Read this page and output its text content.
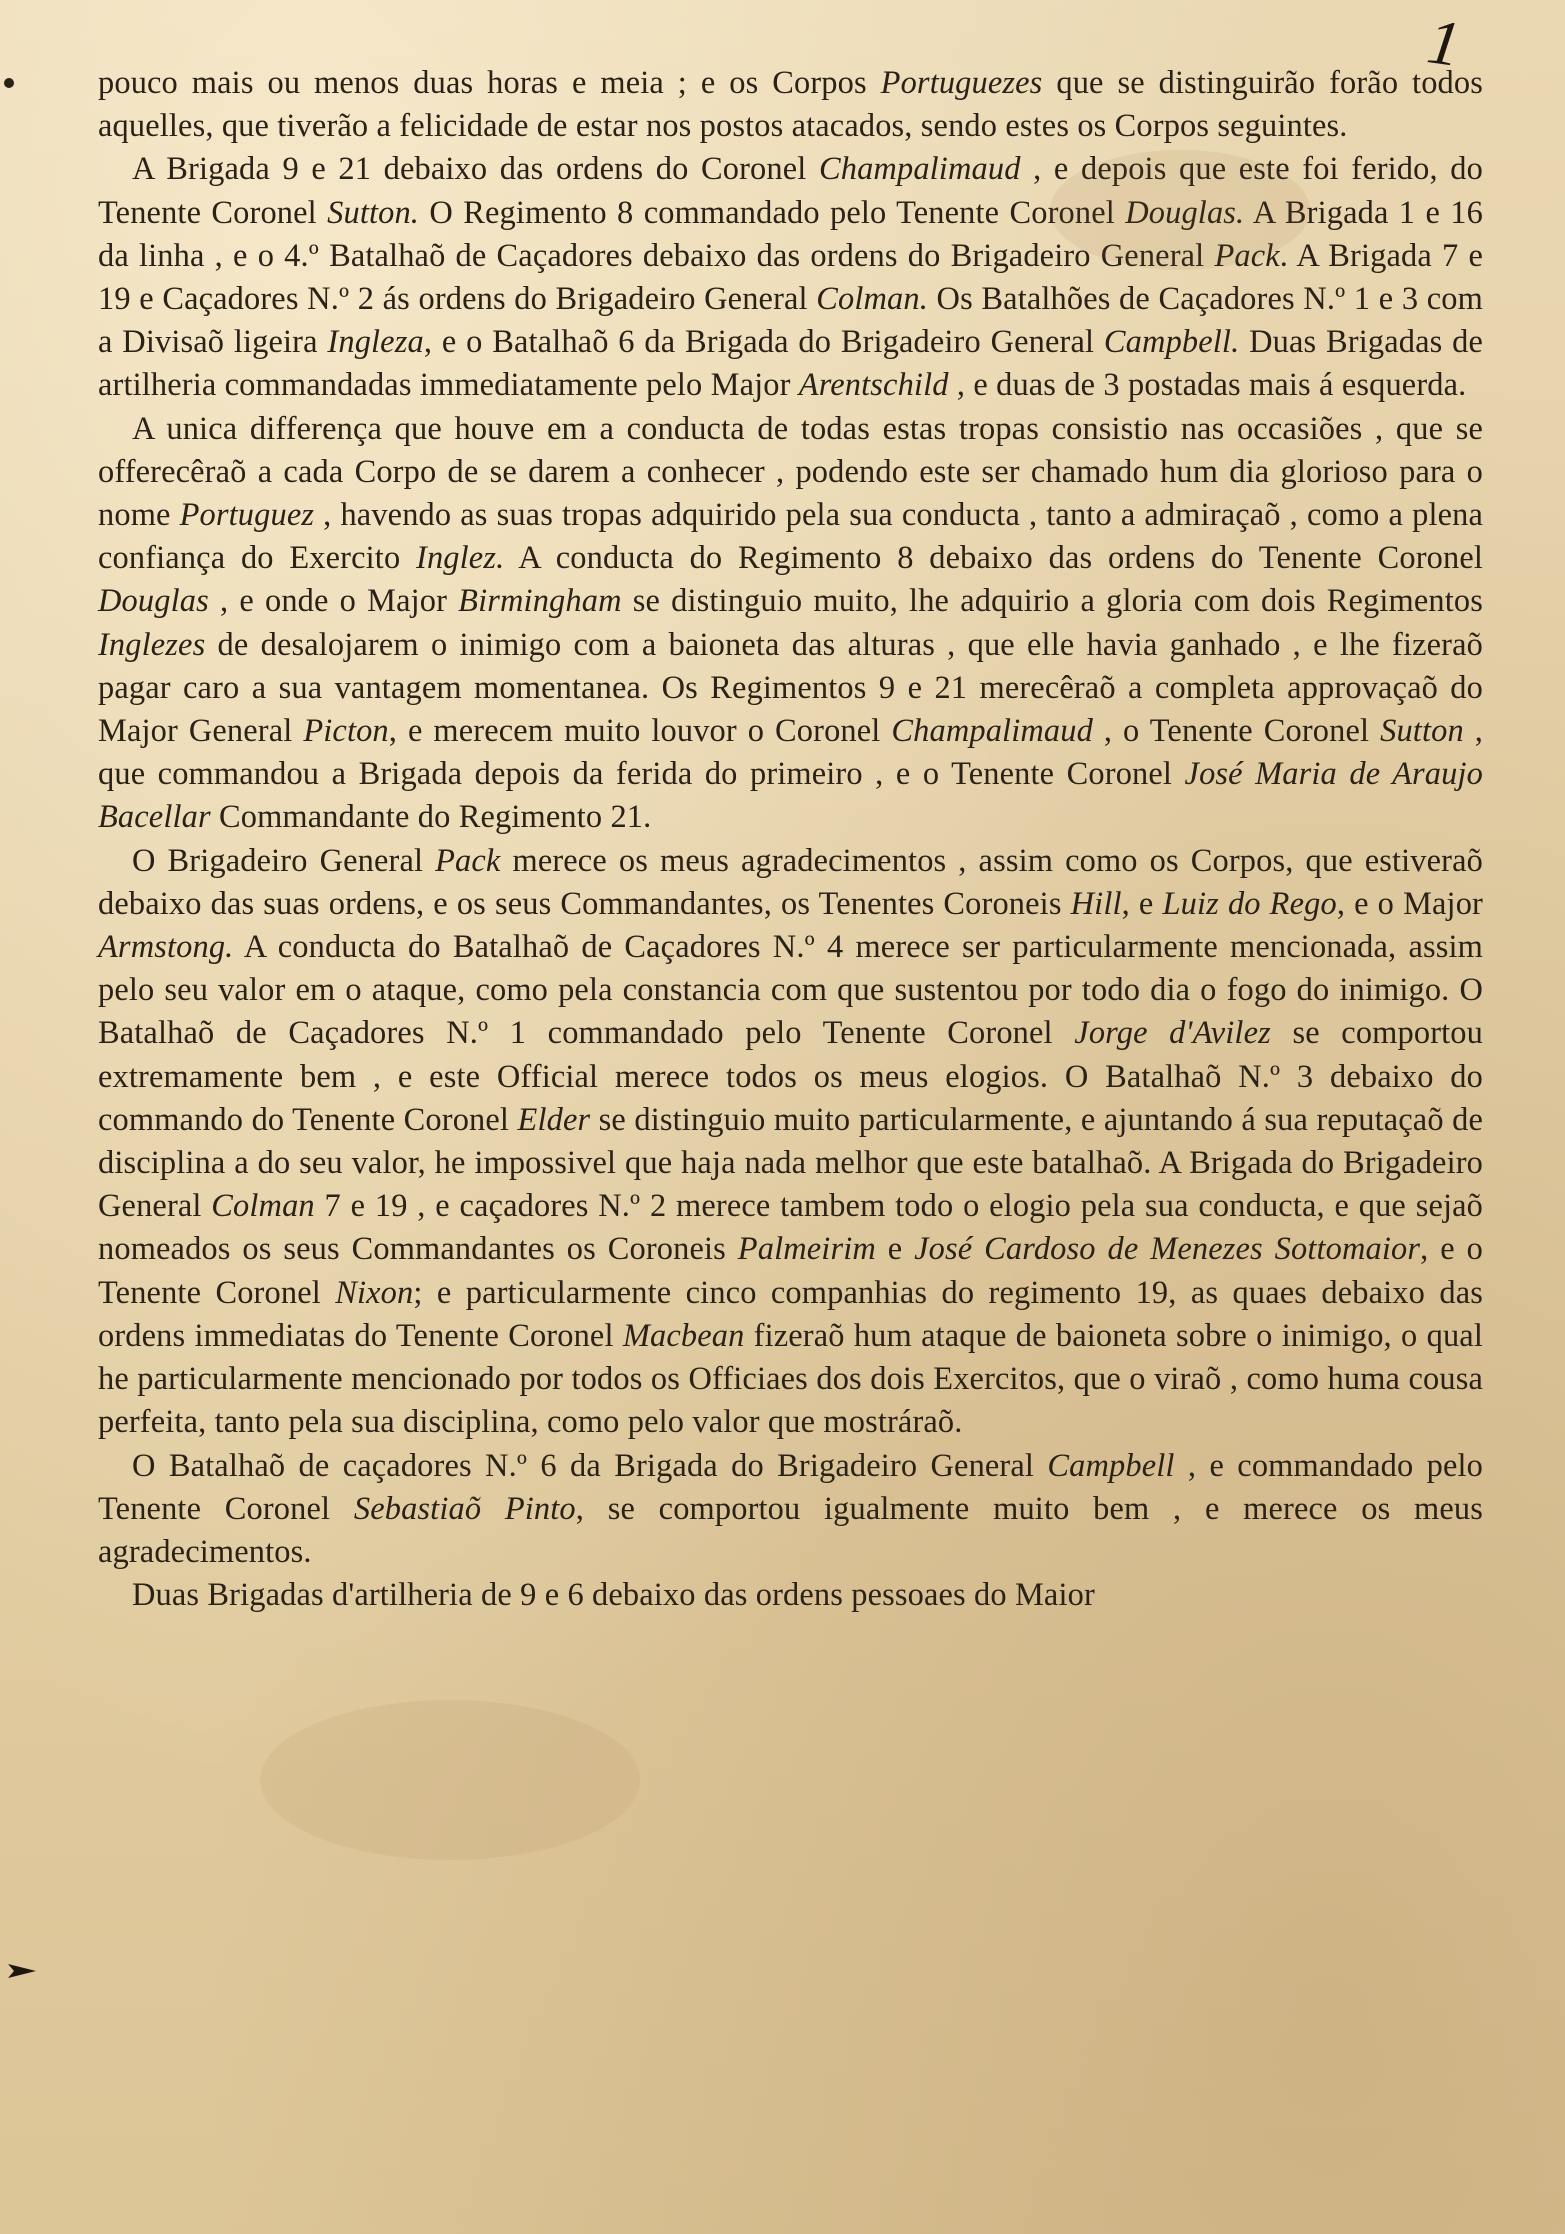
1

pouco mais ou menos duas horas e meia ; e os Corpos Portuguezes que se distinguirão forão todos aquelles, que tiverão a felicidade de estar nos postos atacados, sendo estes os Corpos seguintes.

A Brigada 9 e 21 debaixo das ordens do Coronel Champalimaud , e depois que este foi ferido, do Tenente Coronel Sutton. O Regimento 8 commandado pelo Tenente Coronel Douglas. A Brigada 1 e 16 da linha , e o 4.º Batalhaõ de Caçadores debaixo das ordens do Brigadeiro General Pack. A Brigada 7 e 19 e Caçadores N.º 2 ás ordens do Brigadeiro General Colman. Os Batalhões de Caçadores N.º 1 e 3 com a Divisaõ ligeira Ingleza, e o Batalhaõ 6 da Brigada do Brigadeiro General Campbell. Duas Brigadas de artilheria commandadas immediatamente pelo Major Arentschild , e duas de 3 postadas mais á esquerda.

A unica differença que houve em a conducta de todas estas tropas consistio nas occasiões , que se offerecêraõ a cada Corpo de se darem a conhecer , podendo este ser chamado hum dia glorioso para o nome Portuguez , havendo as suas tropas adquirido pela sua conducta , tanto a admiraçaõ , como a plena confiança do Exercito Inglez. A conducta do Regimento 8 debaixo das ordens do Tenente Coronel Douglas , e onde o Major Birmingham se distinguio muito, lhe adquirio a gloria com dois Regimentos Inglezes de desalojarem o inimigo com a baioneta das alturas , que elle havia ganhado , e lhe fizeraõ pagar caro a sua vantagem momentanea. Os Regimentos 9 e 21 merecêraõ a completa approvaçaõ do Major General Picton, e merecem muito louvor o Coronel Champalimaud , o Tenente Coronel Sutton , que commandou a Brigada depois da ferida do primeiro , e o Tenente Coronel José Maria de Araujo Bacellar Commandante do Regimento 21.

O Brigadeiro General Pack merece os meus agradecimentos , assim como os Corpos, que estiveraõ debaixo das suas ordens, e os seus Commandantes, os Tenentes Coroneis Hill, e Luiz do Rego, e o Major Armstong. A conducta do Batalhaõ de Caçadores N.º 4 merece ser particularmente mencionada, assim pelo seu valor em o ataque, como pela constancia com que sustentou por todo dia o fogo do inimigo. O Batalhaõ de Caçadores N.º 1 commandado pelo Tenente Coronel Jorge d'Avilez se comportou extremamente bem , e este Official merece todos os meus elogios. O Batalhaõ N.º 3 debaixo do commando do Tenente Coronel Elder se distinguio muito particularmente, e ajuntando á sua reputaçaõ de disciplina a do seu valor, he impossivel que haja nada melhor que este batalhaõ. A Brigada do Brigadeiro General Colman 7 e 19 , e caçadores N.º 2 merece tambem todo o elogio pela sua conducta, e que sejaõ nomeados os seus Commandantes os Coroneis Palmeirim e José Cardoso de Menezes Sottomaior, e o Tenente Coronel Nixon; e particularmente cinco companhias do regimento 19, as quaes debaixo das ordens immediatas do Tenente Coronel Macbean fizeraõ hum ataque de baioneta sobre o inimigo, o qual he particularmente mencionado por todos os Officiaes dos dois Exercitos, que o viraõ , como huma cousa perfeita, tanto pela sua disciplina, como pelo valor que mostráraõ.

O Batalhaõ de caçadores N.º 6 da Brigada do Brigadeiro General Campbell , e commandado pelo Tenente Coronel Sebastiaõ Pinto, se comportou igualmente muito bem , e merece os meus agradecimentos.

Duas Brigadas d'artilheria de 9 e 6 debaixo das ordens pessoaes do Maior
